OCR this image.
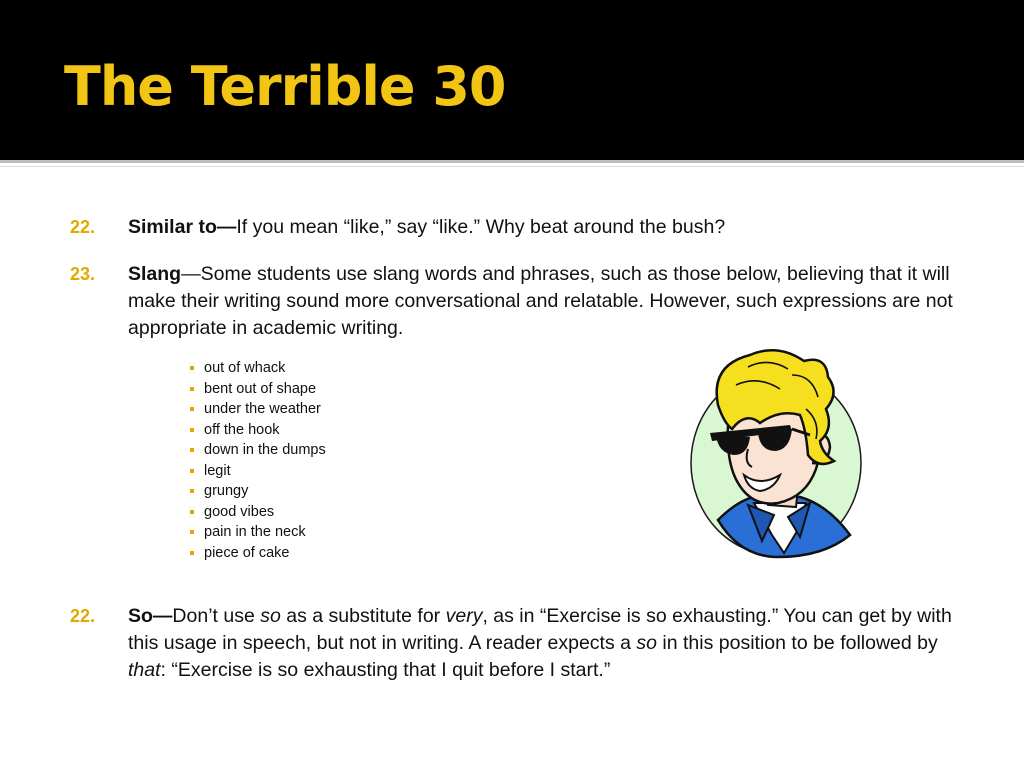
The Terrible 30
22.	Similar to—If you mean “like,” say “like.” Why beat around the bush?
23.	Slang—Some students use slang words and phrases, such as those below, believing that it will make their writing sound more conversational and relatable. However, such expressions are not appropriate in academic writing.
out of whack
bent out of shape
under the weather
off the hook
down in the dumps
legit
grungy
good vibes
pain in the neck
piece of cake
22.	So—Don’t use so as a substitute for very, as in “Exercise is so exhausting.” You can get by with this usage in speech, but not in writing. A reader expects a so in this position to be followed by that: “Exercise is so exhausting that I quit before I start.”
